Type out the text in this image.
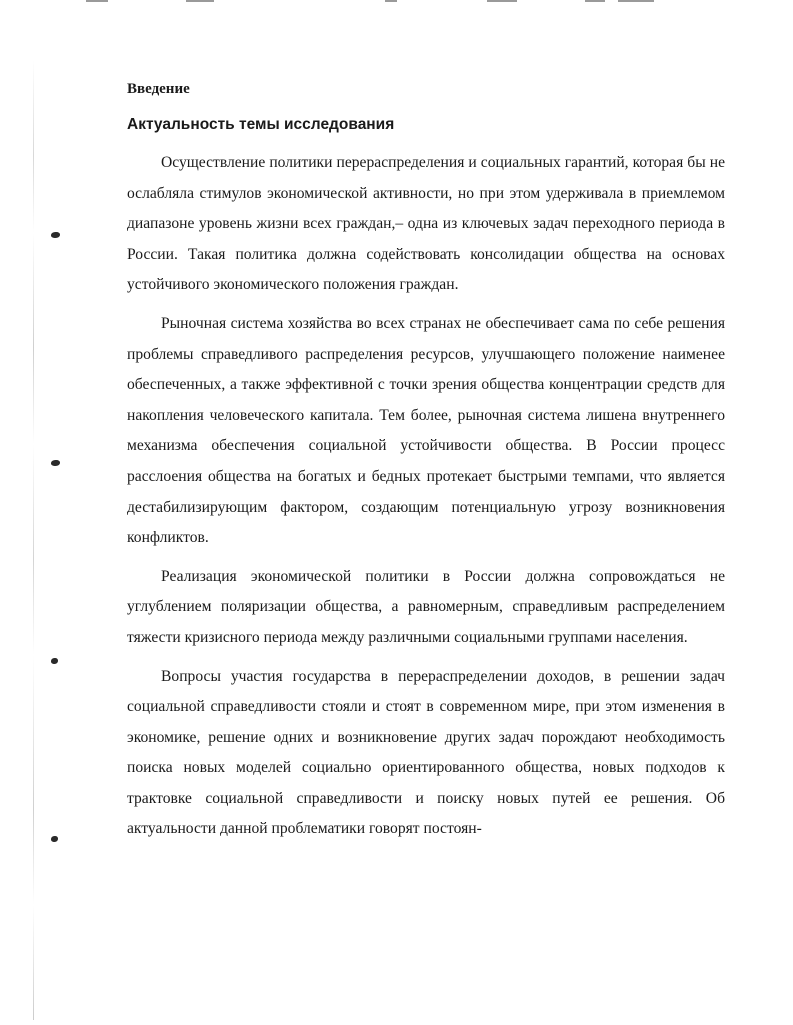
Введение
Актуальность темы исследования

Осуществление политики перераспределения и социальных гарантий, которая бы не ослабляла стимулов экономической активности, но при этом удерживала в приемлемом диапазоне уровень жизни всех граждан,– одна из ключевых задач переходного периода в России. Такая политика должна содействовать консолидации общества на основах устойчивого экономического положения граждан.

Рыночная система хозяйства во всех странах не обеспечивает сама по себе решения проблемы справедливого распределения ресурсов, улучшающего положение наименее обеспеченных, а также эффективной с точки зрения общества концентрации средств для накопления человеческого капитала. Тем более, рыночная система лишена внутреннего механизма обеспечения социальной устойчивости общества. В России процесс расслоения общества на богатых и бедных протекает быстрыми темпами, что является дестабилизирующим фактором, создающим потенциальную угрозу возникновения конфликтов.

Реализация экономической политики в России должна сопровождаться не углублением поляризации общества, а равномерным, справедливым распределением тяжести кризисного периода между различными социальными группами населения.

Вопросы участия государства в перераспределении доходов, в решении задач социальной справедливости стояли и стоят в современном мире, при этом изменения в экономике, решение одних и возникновение других задач порождают необходимость поиска новых моделей социально ориентированного общества, новых подходов к трактовке социальной справедливости и поиску новых путей ее решения. Об актуальности данной проблематики говорят постоян-
